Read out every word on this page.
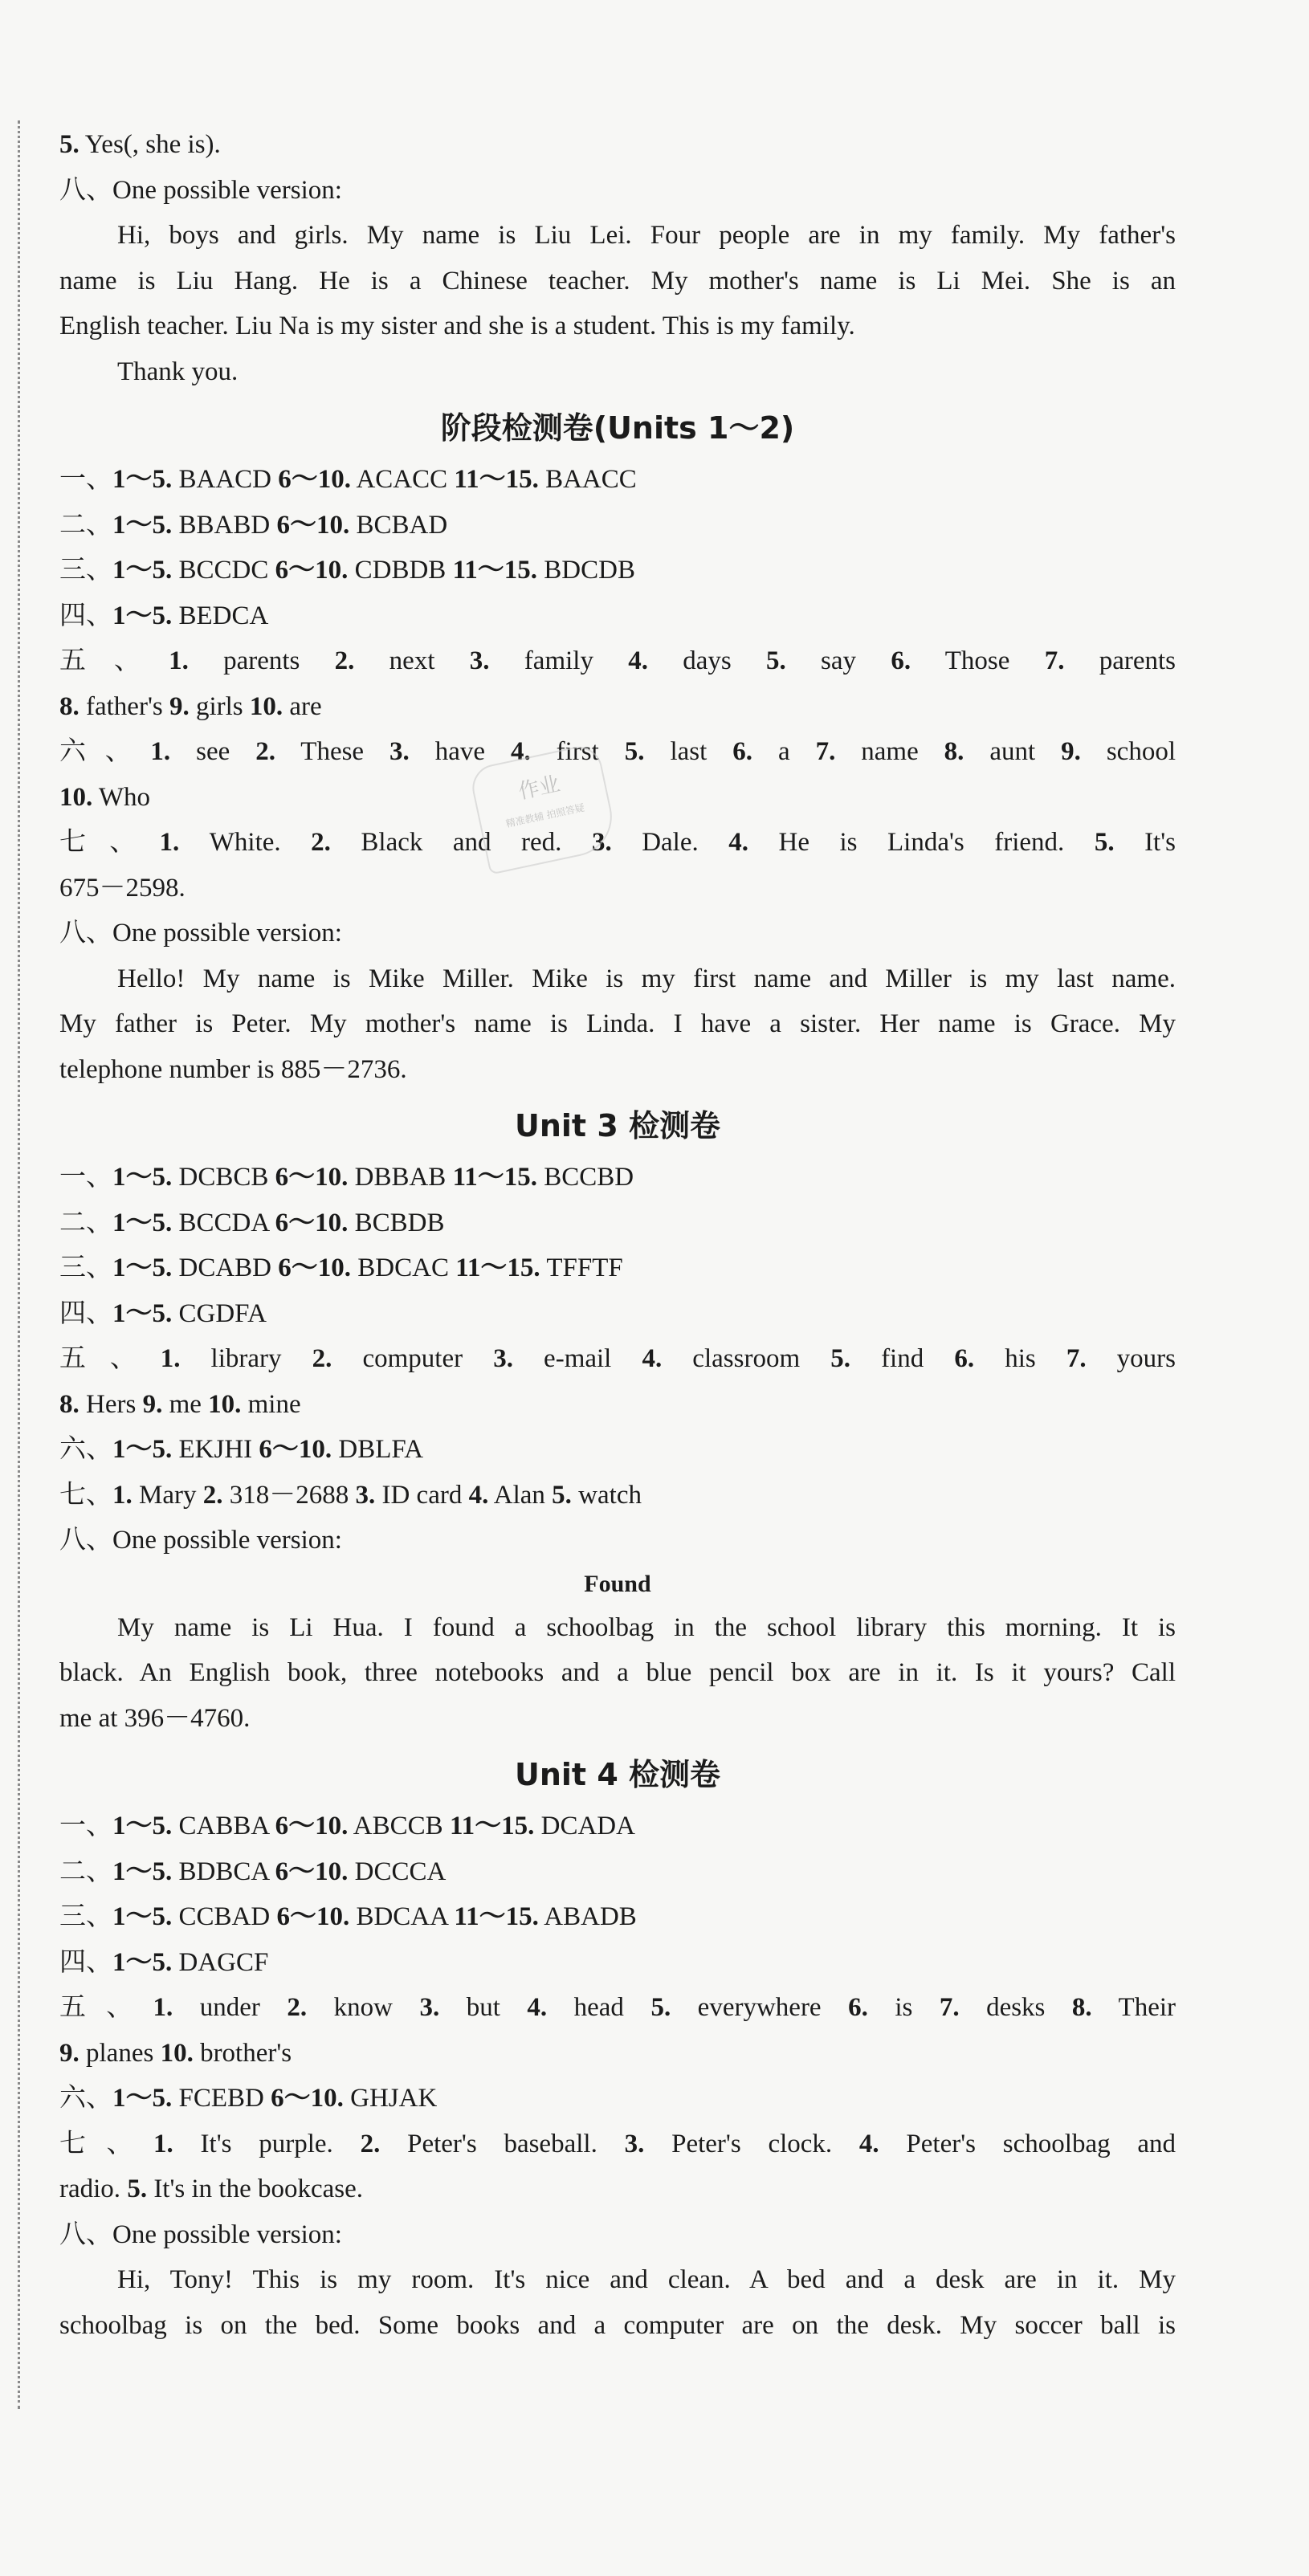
5. Yes(, she is).
八、One possible version:
Hi, boys and girls. My name is Liu Lei. Four people are in my family. My father's
name is Liu Hang. He is a Chinese teacher. My mother's name is Li Mei. She is an
English teacher. Liu Na is my sister and she is a student. This is my family.
Thank you.
阶段检测卷(Units 1～2)
一、1～5. BAACD 6～10. ACACC 11～15. BAACC
二、1～5. BBABD 6～10. BCBAD
三、1～5. BCCDC 6～10. CDBDB 11～15. BDCDB
四、1～5. BEDCA
五、1. parents 2. next 3. family 4. days 5. say 6. Those 7. parents
8. father's 9. girls 10. are
六、1. see 2. These 3. have 4. first 5. last 6. a 7. name 8. aunt 9. school
10. Who
七、1. White. 2. Black and red. 3. Dale. 4. He is Linda's friend. 5. It's
675－2598.
八、One possible version:
Hello! My name is Mike Miller. Mike is my first name and Miller is my last name.
My father is Peter. My mother's name is Linda. I have a sister. Her name is Grace. My
telephone number is 885－2736.
Unit 3 检测卷
一、1～5. DCBCB 6～10. DBBAB 11～15. BCCBD
二、1～5. BCCDA 6～10. BCBDB
三、1～5. DCABD 6～10. BDCAC 11～15. TFFTF
四、1～5. CGDFA
五、1. library 2. computer 3. e-mail 4. classroom 5. find 6. his 7. yours
8. Hers 9. me 10. mine
六、1～5. EKJHI 6～10. DBLFA
七、1. Mary 2. 318－2688 3. ID card 4. Alan 5. watch
八、One possible version:
Found
My name is Li Hua. I found a schoolbag in the school library this morning. It is
black. An English book, three notebooks and a blue pencil box are in it. Is it yours? Call
me at 396－4760.
Unit 4 检测卷
一、1～5. CABBA 6～10. ABCCB 11～15. DCADA
二、1～5. BDBCA 6～10. DCCCA
三、1～5. CCBAD 6～10. BDCAA 11～15. ABADB
四、1～5. DAGCF
五、1. under 2. know 3. but 4. head 5. everywhere 6. is 7. desks 8. Their
9. planes 10. brother's
六、1～5. FCEBD 6～10. GHJAK
七、1. It's purple. 2. Peter's baseball. 3. Peter's clock. 4. Peter's schoolbag and
radio. 5. It's in the bookcase.
八、One possible version:
Hi, Tony! This is my room. It's nice and clean. A bed and a desk are in it. My
schoolbag is on the bed. Some books and a computer are on the desk. My soccer ball is
作业
精准教辅 拍照答疑
